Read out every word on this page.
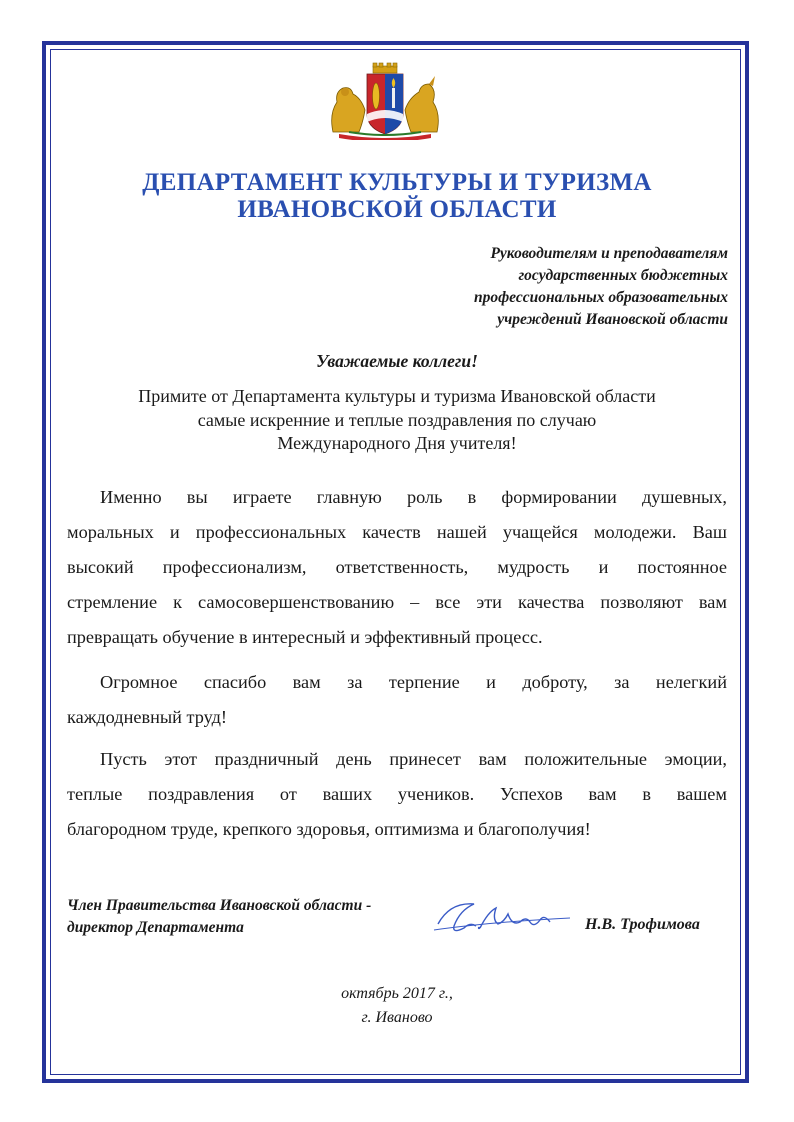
ДЕПАРТАМЕНТ КУЛЬТУРЫ И ТУРИЗМА
ИВАНОВСКОЙ ОБЛАСТИ
Руководителям и преподавателям
государственных бюджетных
профессиональных образовательных
учреждений Ивановской области
Уважаемые коллеги!
Примите от Департамента культуры и туризма Ивановской области
самые искренние и теплые поздравления по случаю
Международного Дня учителя!
Именно вы играете главную роль в формировании душевных,
моральных и профессиональных качеств нашей учащейся молодежи. Ваш
высокий профессионализм, ответственность, мудрость и постоянное
стремление к самосовершенствованию – все эти качества позволяют вам
превращать обучение в интересный и эффективный процесс.
Огромное спасибо вам за терпение и доброту, за нелегкий
каждодневный труд!
Пусть этот праздничный день принесет вам положительные эмоции,
теплые поздравления от ваших учеников. Успехов вам в вашем
благородном труде, крепкого здоровья, оптимизма и благополучия!
Член Правительства Ивановской области -
директор Департамента	Н.В. Трофимова
октябрь 2017 г.,
г. Иваново
